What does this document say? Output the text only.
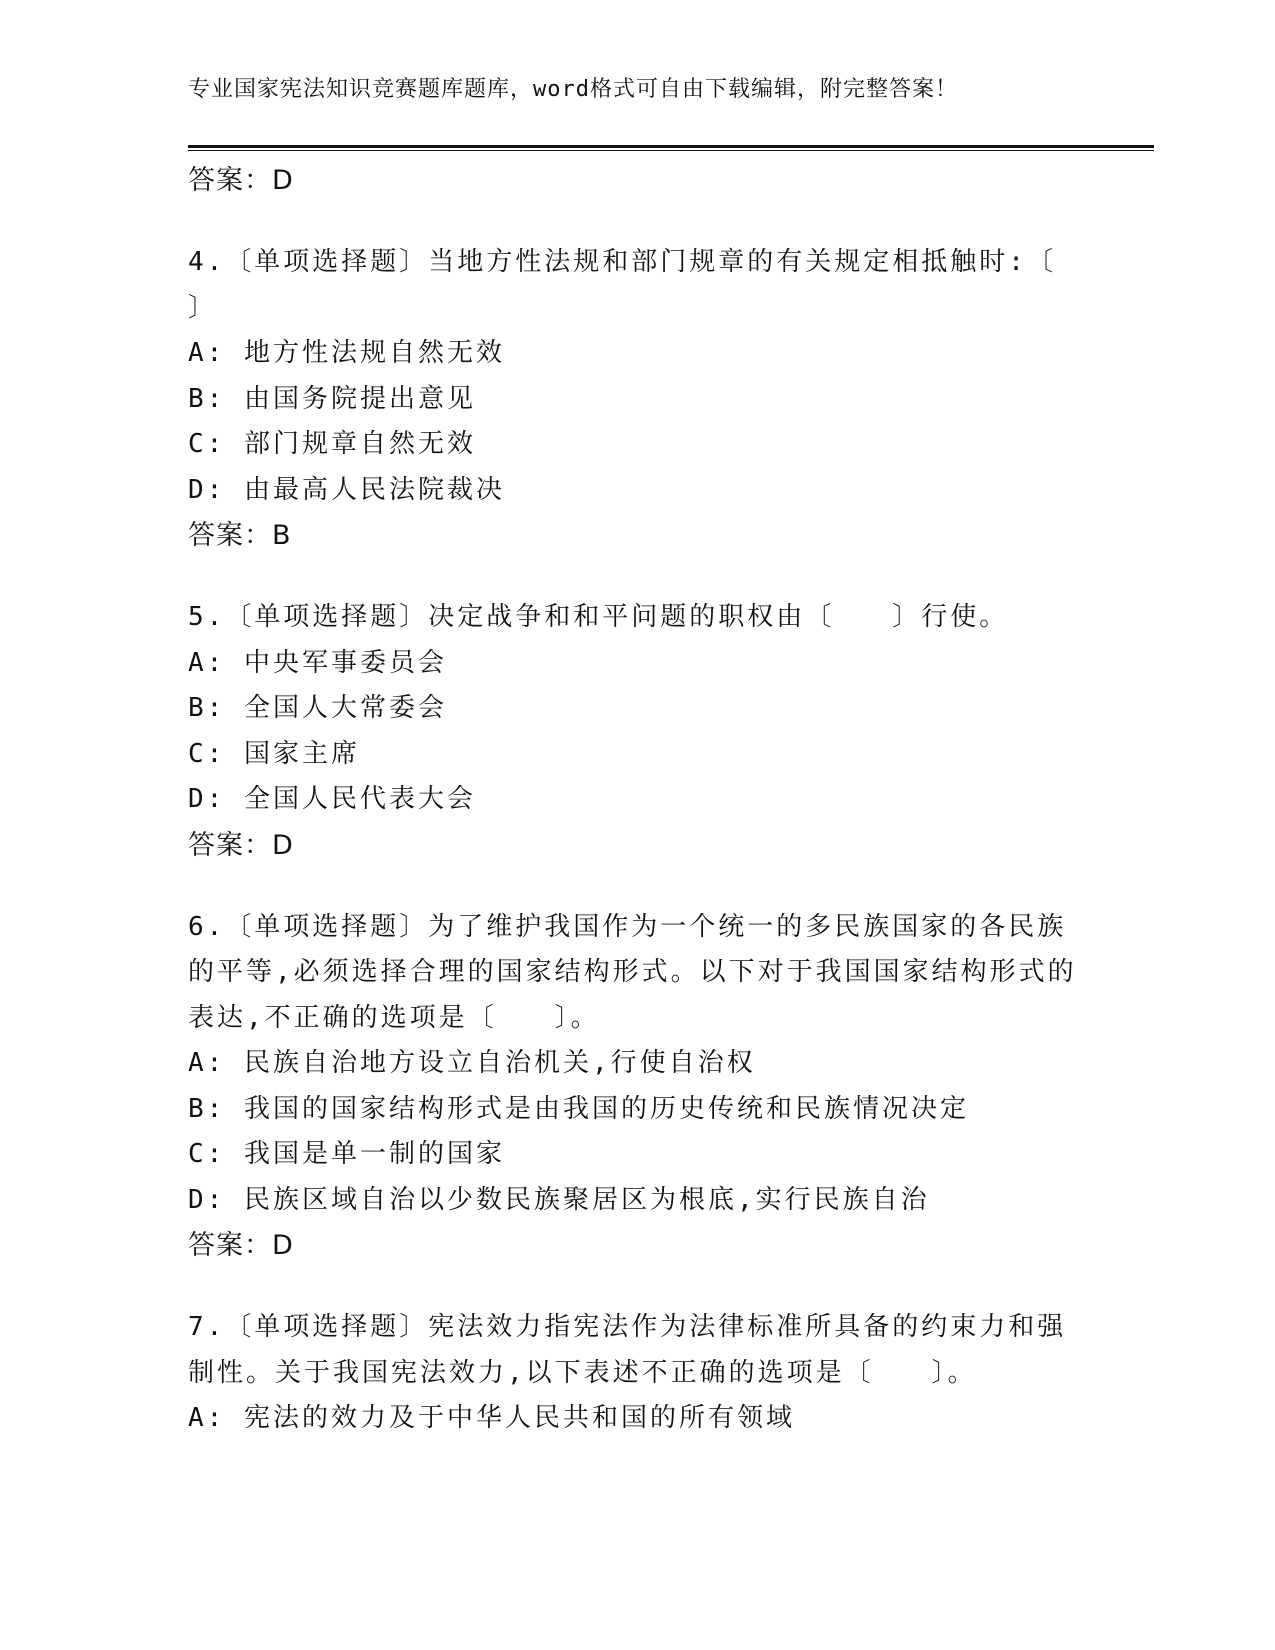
专业国家宪法知识竞赛题库题库，word格式可自由下载编辑，附完整答案！
答案：D
4.〔单项选择题〕当地方性法规和部门规章的有关规定相抵触时:〔 〕
A: 地方性法规自然无效
B: 由国务院提出意见
C: 部门规章自然无效
D: 由最高人民法院裁决
答案：B
5.〔单项选择题〕决定战争和和平问题的职权由〔　　〕行使。
A: 中央军事委员会
B: 全国人大常委会
C: 国家主席
D: 全国人民代表大会
答案：D
6.〔单项选择题〕为了维护我国作为一个统一的多民族国家的各民族的平等,必须选择合理的国家结构形式。以下对于我国国家结构形式的表达,不正确的选项是〔　　〕。
A: 民族自治地方设立自治机关,行使自治权
B: 我国的国家结构形式是由我国的历史传统和民族情况决定
C: 我国是单一制的国家
D: 民族区域自治以少数民族聚居区为根底,实行民族自治
答案：D
7.〔单项选择题〕宪法效力指宪法作为法律标准所具备的约束力和强制性。关于我国宪法效力,以下表述不正确的选项是〔　　〕。
A: 宪法的效力及于中华人民共和国的所有领域
